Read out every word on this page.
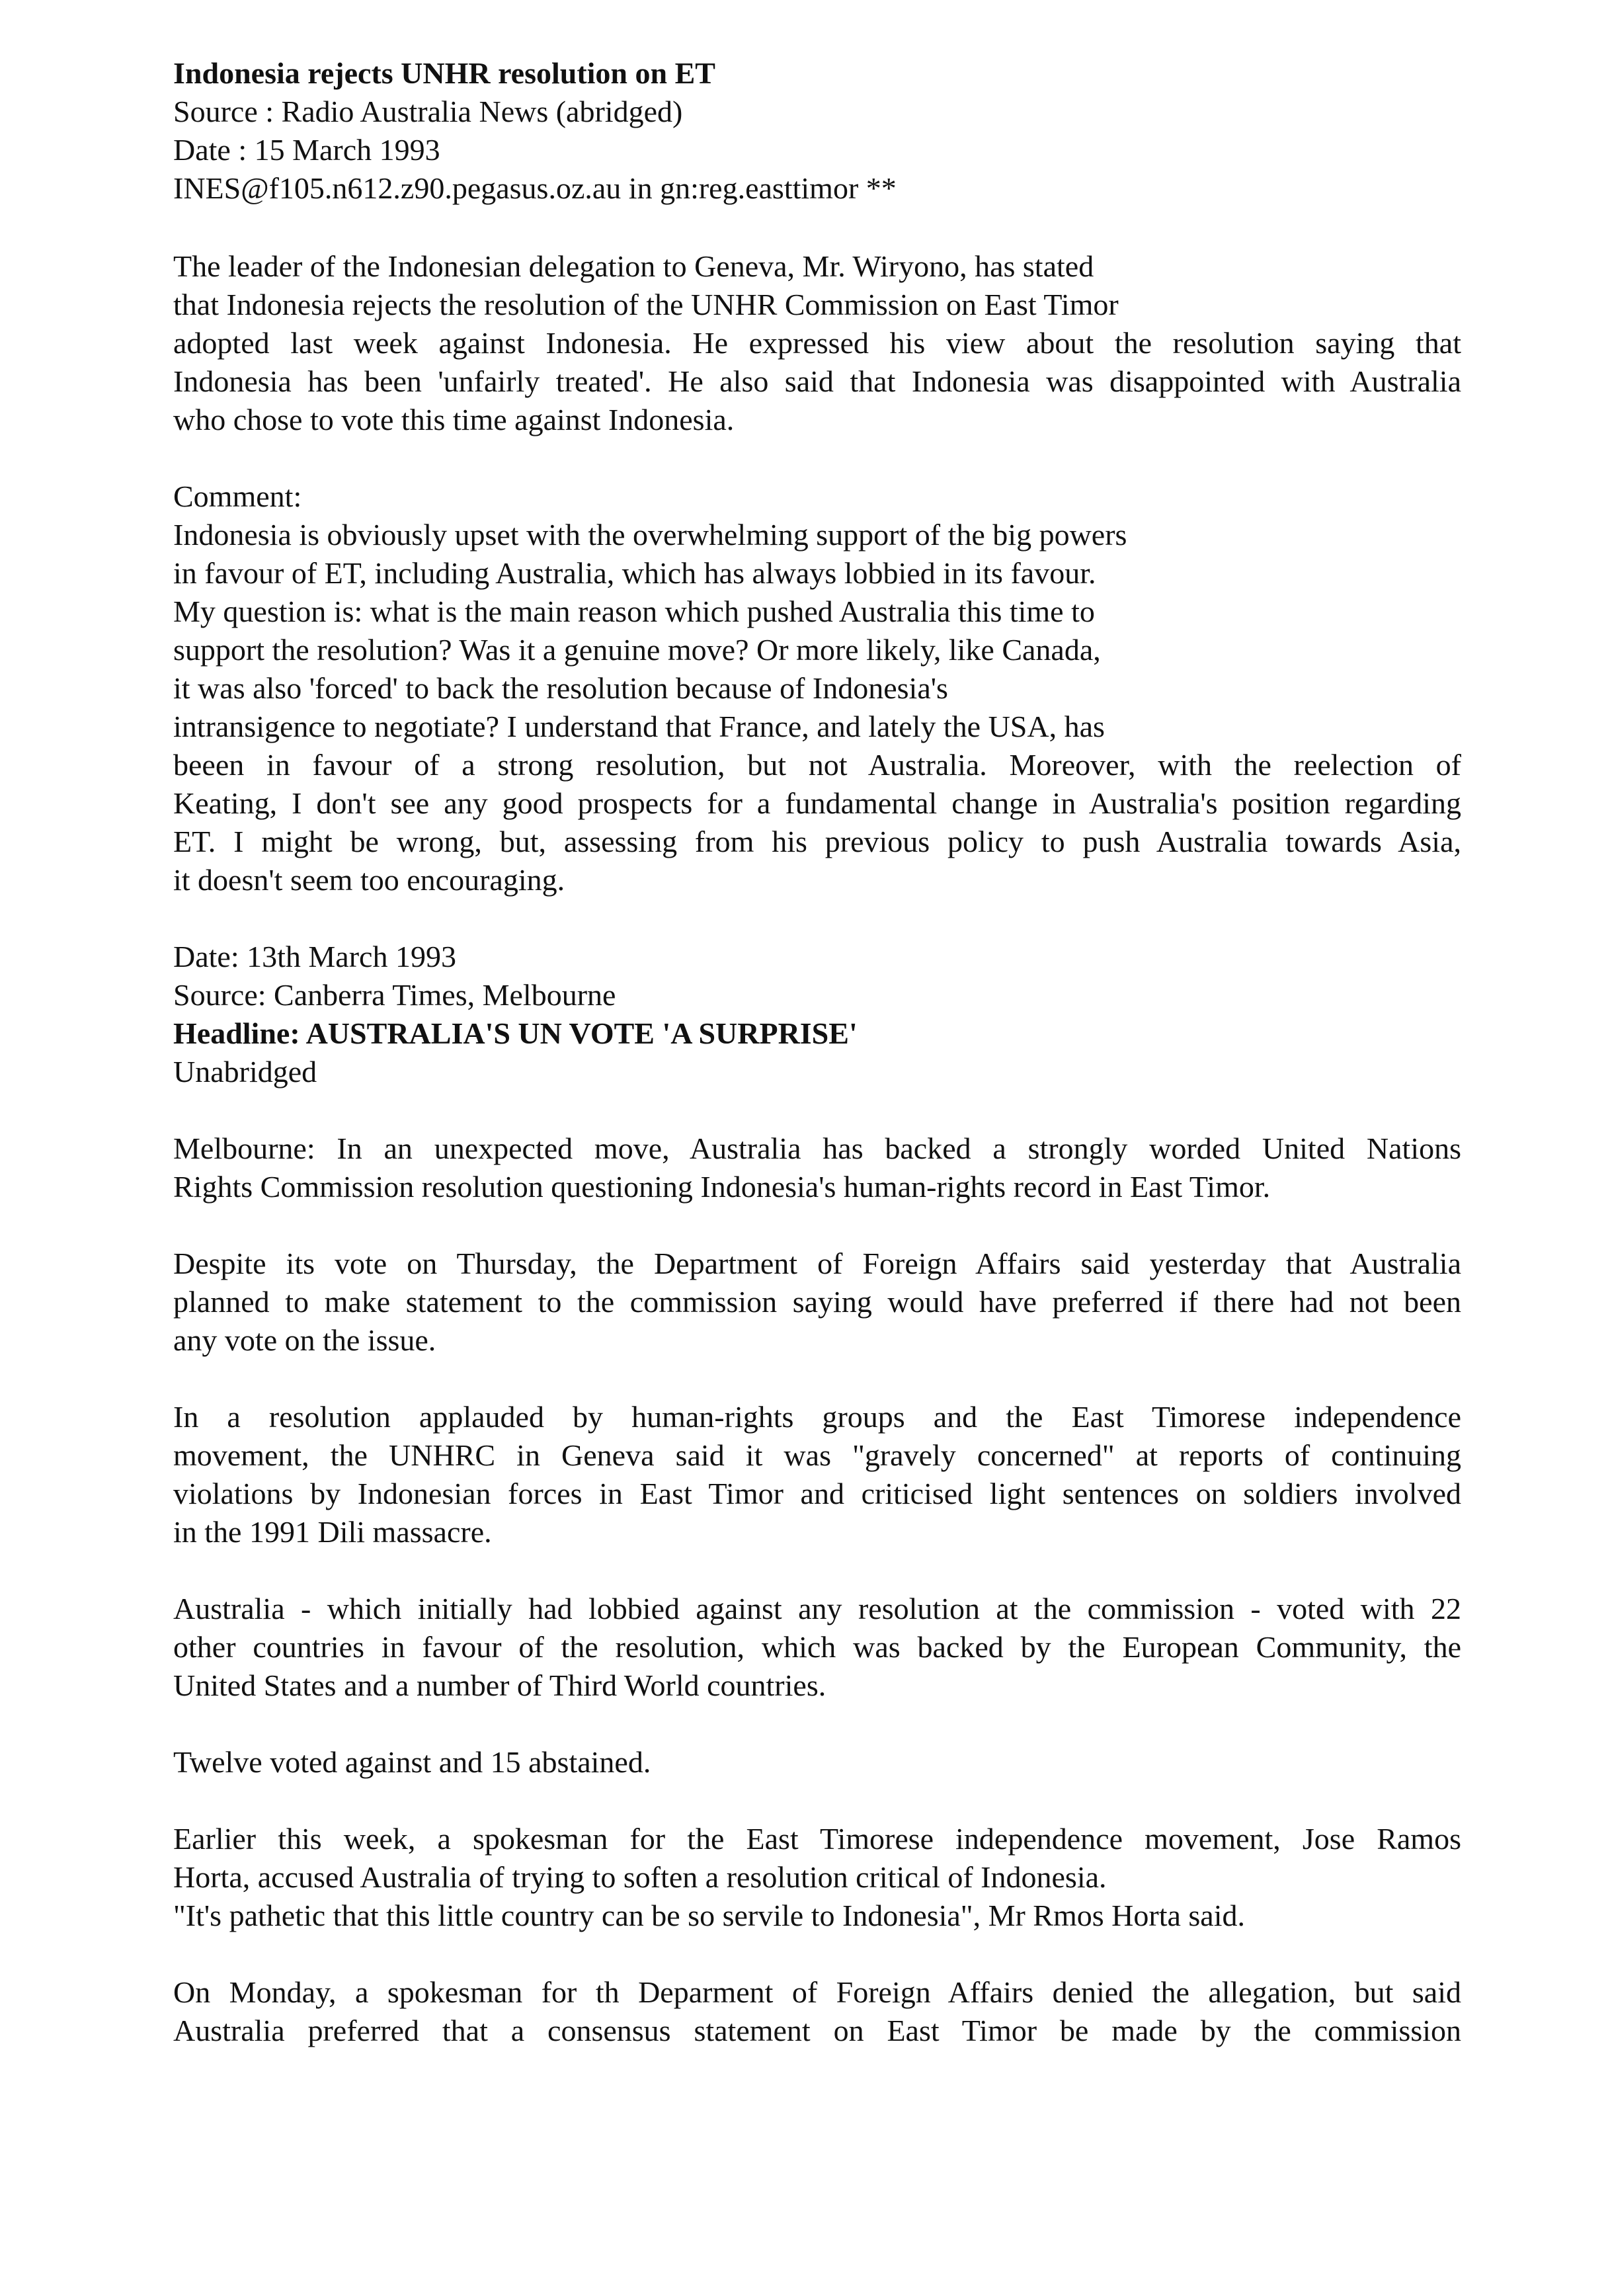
Indonesia rejects UNHR resolution on ET
Source : Radio Australia News (abridged)
Date : 15 March 1993
INES@f105.n612.z90.pegasus.oz.au in gn:reg.easttimor **
The leader of the Indonesian delegation to Geneva, Mr. Wiryono, has stated
that Indonesia rejects the resolution of the UNHR Commission on East Timor
adopted last week against Indonesia. He expressed his view about the resolution saying that
Indonesia has been 'unfairly treated'. He also said that Indonesia was disappointed with Australia
who chose to vote this time against Indonesia.
Comment:
Indonesia is obviously upset with the overwhelming support of the big powers
in favour of ET, including Australia, which has always lobbied in its favour.
My question is: what is the main reason which pushed Australia this time to
support the resolution? Was it a genuine move? Or more likely, like Canada,
it was also 'forced' to back the resolution because of Indonesia's
intransigence to negotiate? I understand that France, and lately the USA, has
beeen in favour of a strong resolution, but not Australia. Moreover, with the reelection of
Keating, I don't see any good prospects for a fundamental change in Australia's position regarding
ET. I might be wrong, but, assessing from his previous policy to push Australia towards Asia,
it doesn't seem too encouraging.
Date: 13th March 1993
Source: Canberra Times, Melbourne
Headline: AUSTRALIA'S UN VOTE 'A SURPRISE'
Unabridged
Melbourne: In an unexpected move, Australia has backed a strongly worded United Nations
Rights Commission resolution questioning Indonesia's human-rights record in East Timor.
Despite its vote on Thursday, the Department of Foreign Affairs said yesterday that Australia
planned to make statement to the commission saying would have preferred if there had not been
any vote on the issue.
In a resolution applauded by human-rights groups and the East Timorese independence
movement, the UNHRC in Geneva said it was "gravely concerned" at reports of continuing
violations by Indonesian forces in East Timor and criticised light sentences on soldiers involved
in the 1991 Dili massacre.
Australia - which initially had lobbied against any resolution at the commission - voted with 22
other countries in favour of the resolution, which was backed by the European Community, the
United States and a number of Third World countries.
Twelve voted against and 15 abstained.
Earlier this week, a spokesman for the East Timorese independence movement, Jose Ramos
Horta, accused Australia of trying to soften a resolution critical of Indonesia.
"It's pathetic that this little country can be so servile to Indonesia", Mr Rmos Horta said.
On Monday, a spokesman for th Deparment of Foreign Affairs denied the allegation, but said
Australia preferred that a consensus statement on East Timor be made by the commission
